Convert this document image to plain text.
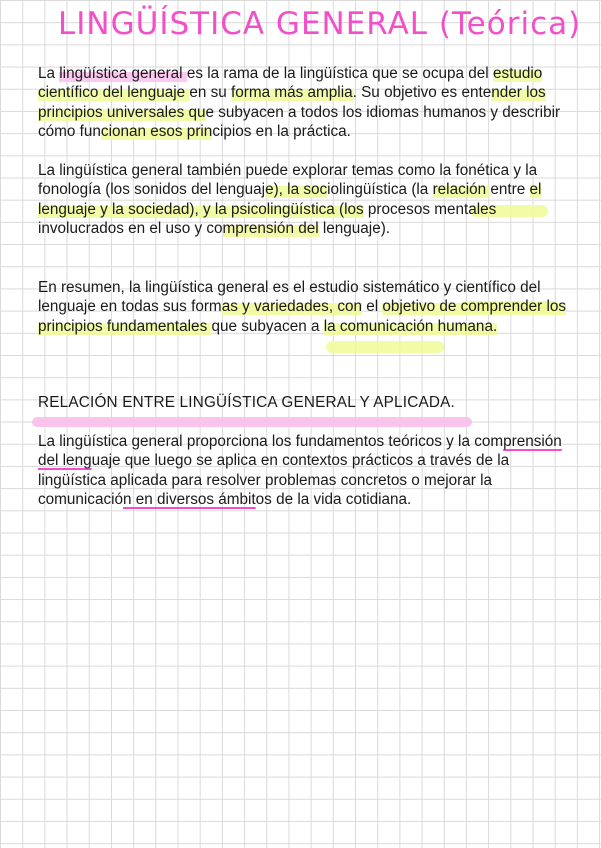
LINGÜÍSTICA GENERAL (Teórica)

La lingüística general es la rama de la lingüística que se ocupa del estudio científico del lenguaje en su forma más amplia. Su objetivo es entender los principios universales que subyacen a todos los idiomas humanos y describir cómo funcionan esos principios en la práctica.

La lingüística general también puede explorar temas como la fonética y la fonología (los sonidos del lenguaje), la sociolingüística (la relación entre el lenguaje y la sociedad), y la psicolingüística (los procesos mentales involucrados en el uso y comprensión del lenguaje).

En resumen, la lingüística general es el estudio sistemático y científico del lenguaje en todas sus formas y variedades, con el objetivo de comprender los principios fundamentales que subyacen a la comunicación humana.

RELACIÓN ENTRE LINGÜÍSTICA GENERAL Y APLICADA.

La lingüística general proporciona los fundamentos teóricos y la comprensión del lenguaje que luego se aplica en contextos prácticos a través de la lingüística aplicada para resolver problemas concretos o mejorar la comunicación en diversos ámbitos de la vida cotidiana.
